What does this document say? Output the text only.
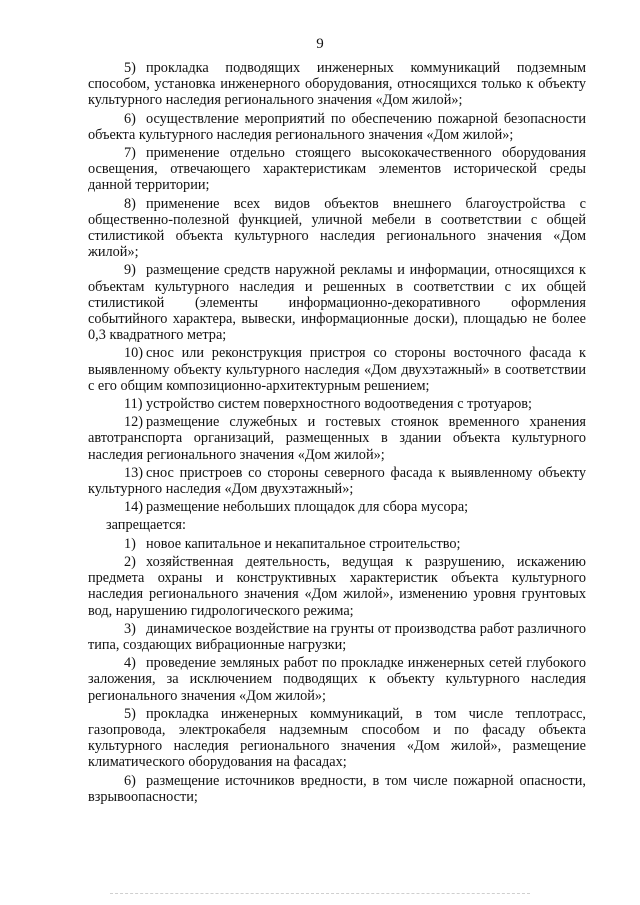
9

5) прокладка подводящих инженерных коммуникаций подземным способом, установка инженерного оборудования, относящихся только к объекту культурного наследия регионального значения «Дом жилой»;

6) осуществление мероприятий по обеспечению пожарной безопасности объекта культурного наследия регионального значения «Дом жилой»;

7) применение отдельно стоящего высококачественного оборудования освещения, отвечающего характеристикам элементов исторической среды данной территории;

8) применение всех видов объектов внешнего благоустройства с общественно-полезной функцией, уличной мебели в соответствии с общей стилистикой объекта культурного наследия регионального значения «Дом жилой»;

9) размещение средств наружной рекламы и информации, относящихся к объектам культурного наследия и решенных в соответствии с их общей стилистикой (элементы информационно-декоративного оформления событийного характера, вывески, информационные доски), площадью не более 0,3 квадратного метра;

10) снос или реконструкция пристроя со стороны восточного фасада к выявленному объекту культурного наследия «Дом двухэтажный» в соответствии с его общим композиционно-архитектурным решением;

11) устройство систем поверхностного водоотведения с тротуаров;

12) размещение служебных и гостевых стоянок временного хранения автотранспорта организаций, размещенных в здании объекта культурного наследия регионального значения «Дом жилой»;

13) снос пристроев со стороны северного фасада к выявленному объекту культурного наследия «Дом двухэтажный»;

14) размещение небольших площадок для сбора мусора;

запрещается:

1) новое капитальное и некапитальное строительство;

2) хозяйственная деятельность, ведущая к разрушению, искажению предмета охраны и конструктивных характеристик объекта культурного наследия регионального значения «Дом жилой», изменению уровня грунтовых вод, нарушению гидрологического режима;

3) динамическое воздействие на грунты от производства работ различного типа, создающих вибрационные нагрузки;

4) проведение земляных работ по прокладке инженерных сетей глубокого заложения, за исключением подводящих к объекту культурного наследия регионального значения «Дом жилой»;

5) прокладка инженерных коммуникаций, в том числе теплотрасс, газопровода, электрокабеля надземным способом и по фасаду объекта культурного наследия регионального значения «Дом жилой», размещение климатического оборудования на фасадах;

6) размещение источников вредности, в том числе пожарной опасности, взрывоопасности;
